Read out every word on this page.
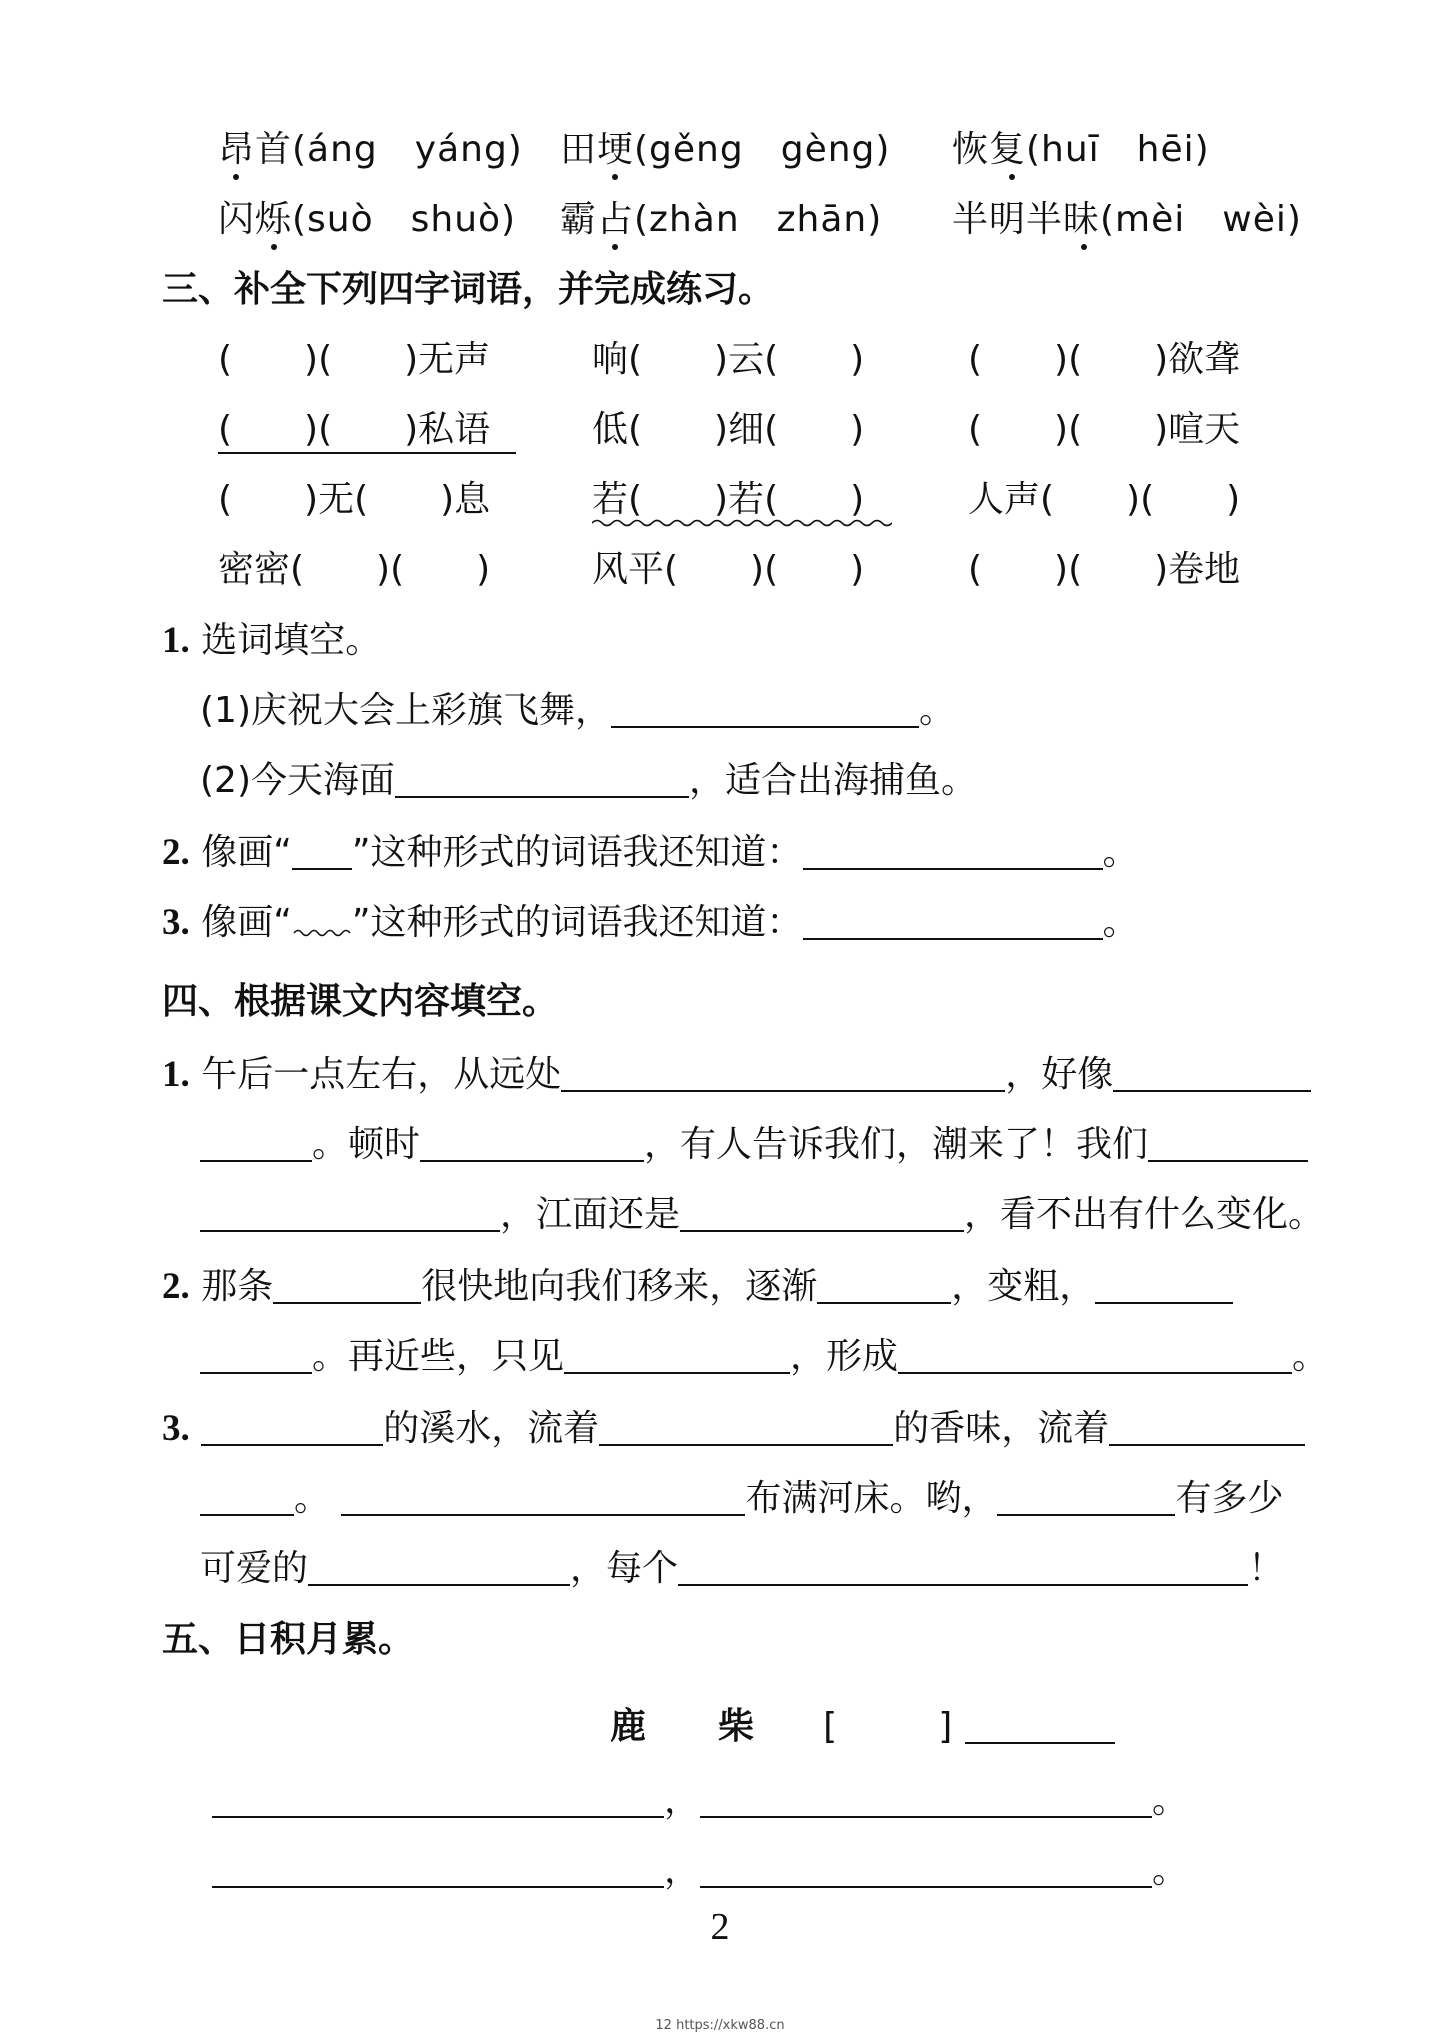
昂首(áng　yáng) 田埂(gěng　gèng) 恢复(huī　hēi)
闪烁(suò　shuò) 霸占(zhàn　zhān) 半明半昧(mèi　wèi)
三、补全下列四字词语，并完成练习。
(　　)(　　)无声	响(　　)云(　　)	(　　)(　　)欲聋
(　　)(　　)私语	低(　　)细(　　)	(　　)(　　)喧天
(　　)无(　　)息	若(　　)若(　　)	人声(　　)(　　)
密密(　　)(　　)	风平(　　)(　　)	(　　)(　　)卷地
1. 选词填空。
(1)庆祝大会上彩旗飞舞，	。
(2)今天海面	，适合出海捕鱼。
2. 像画“ ”这种形式的词语我还知道：	。
3. 像画“ ”这种形式的词语我还知道：	。
四、根据课文内容填空。
1. 午后一点左右，从远处	，好像
。顿时	，有人告诉我们，潮来了！我们
，江面还是	，看不出有什么变化。
2. 那条	很快地向我们移来，逐渐	，变粗，
。再近些，只见	，形成	。
3.	的溪水，流着	的香味，流着
。	布满河床。哟，	有多少
可爱的	，每个	！
五、日积月累。
鹿　　柴 [	]
，	。
，	。
2
12 https://xkw88.cn
